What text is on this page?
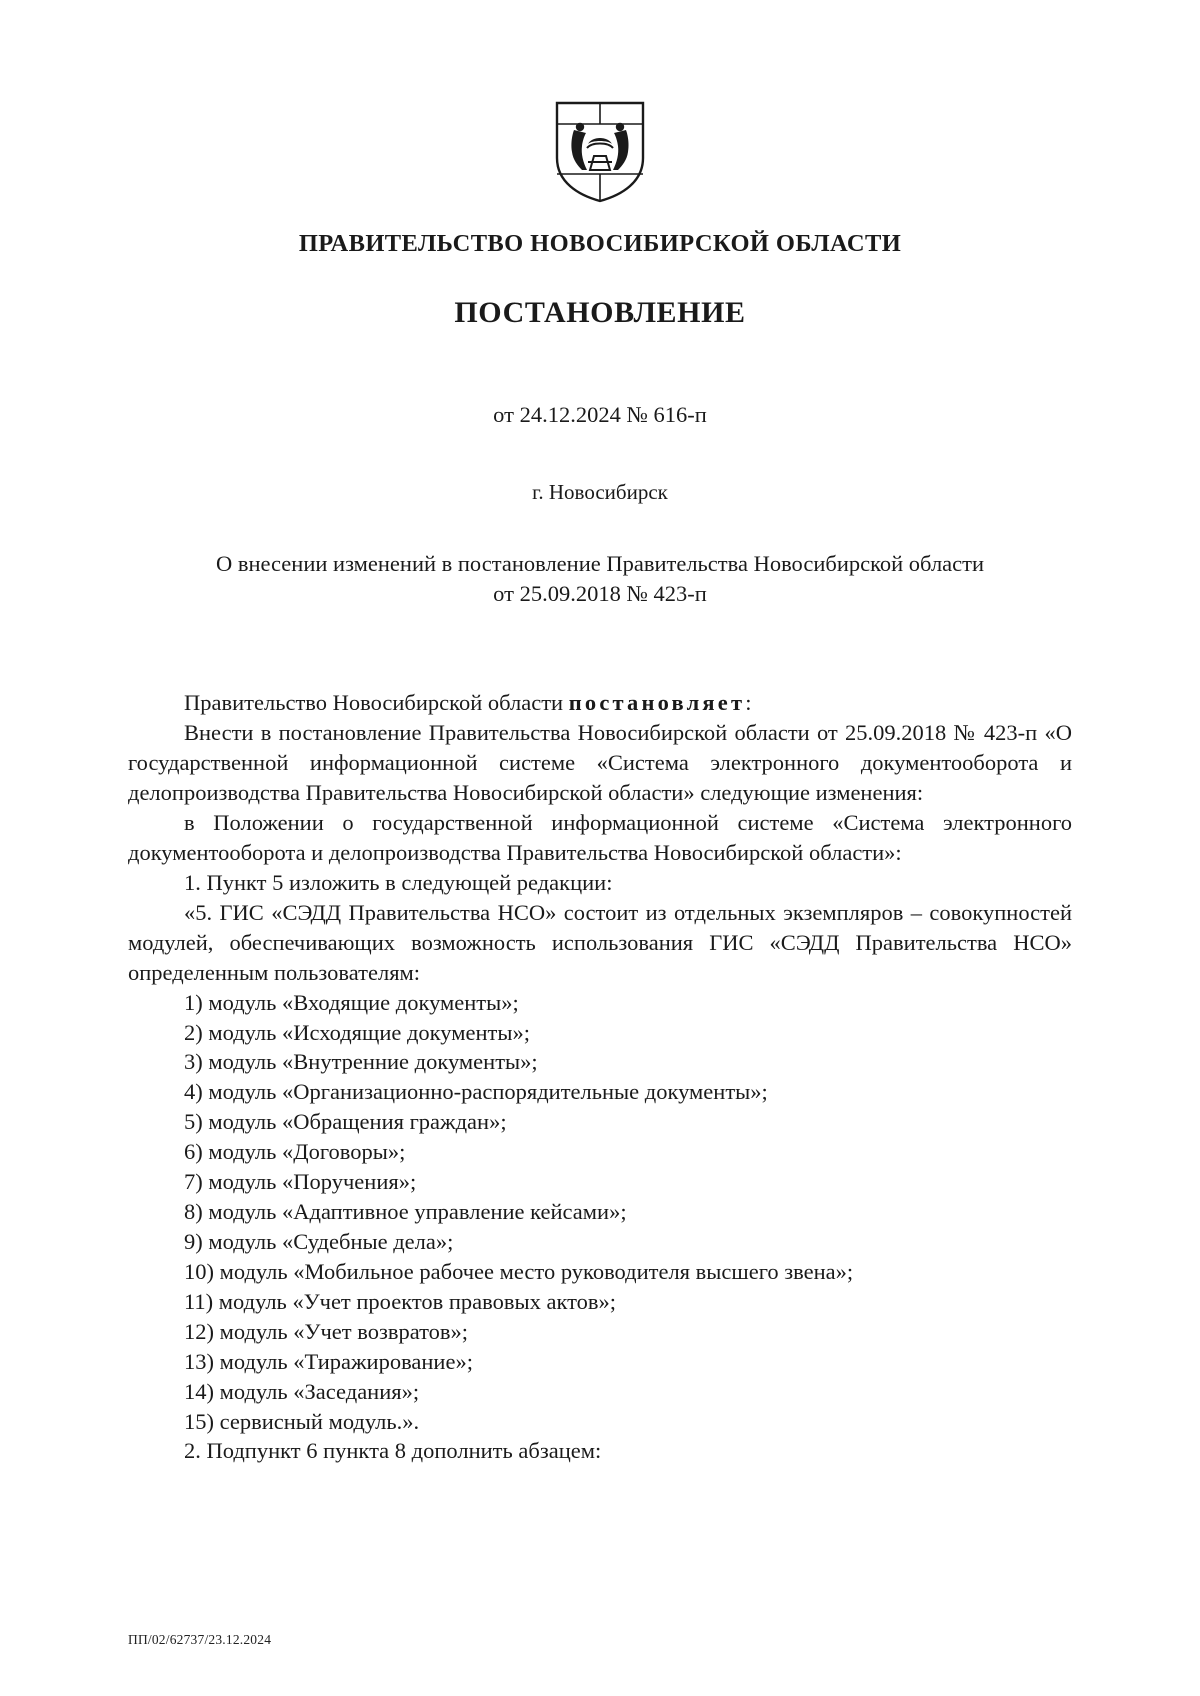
ПРАВИТЕЛЬСТВО НОВОСИБИРСКОЙ ОБЛАСТИ
ПОСТАНОВЛЕНИЕ
от 24.12.2024 № 616-п
г. Новосибирск
О внесении изменений в постановление Правительства Новосибирской области
от 25.09.2018 № 423-п

Правительство Новосибирской области постановляет:

Внести в постановление Правительства Новосибирской области от 25.09.2018 № 423-п «О государственной информационной системе «Система электронного документооборота и делопроизводства Правительства Новосибирской области» следующие изменения:

в Положении о государственной информационной системе «Система электронного документооборота и делопроизводства Правительства Новосибирской области»:

1. Пункт 5 изложить в следующей редакции:

«5. ГИС «СЭДД Правительства НСО» состоит из отдельных экземпляров – совокупностей модулей, обеспечивающих возможность использования ГИС «СЭДД Правительства НСО» определенным пользователям:

1) модуль «Входящие документы»;

2) модуль «Исходящие документы»;

3) модуль «Внутренние документы»;

4) модуль «Организационно-распорядительные документы»;

5) модуль «Обращения граждан»;

6) модуль «Договоры»;

7) модуль «Поручения»;

8) модуль «Адаптивное управление кейсами»;

9) модуль «Судебные дела»;

10) модуль «Мобильное рабочее место руководителя высшего звена»;

11) модуль «Учет проектов правовых актов»;

12) модуль «Учет возвратов»;

13) модуль «Тиражирование»;

14) модуль «Заседания»;

15) сервисный модуль.».

2. Подпункт 6 пункта 8 дополнить абзацем:

ПП/02/62737/23.12.2024
